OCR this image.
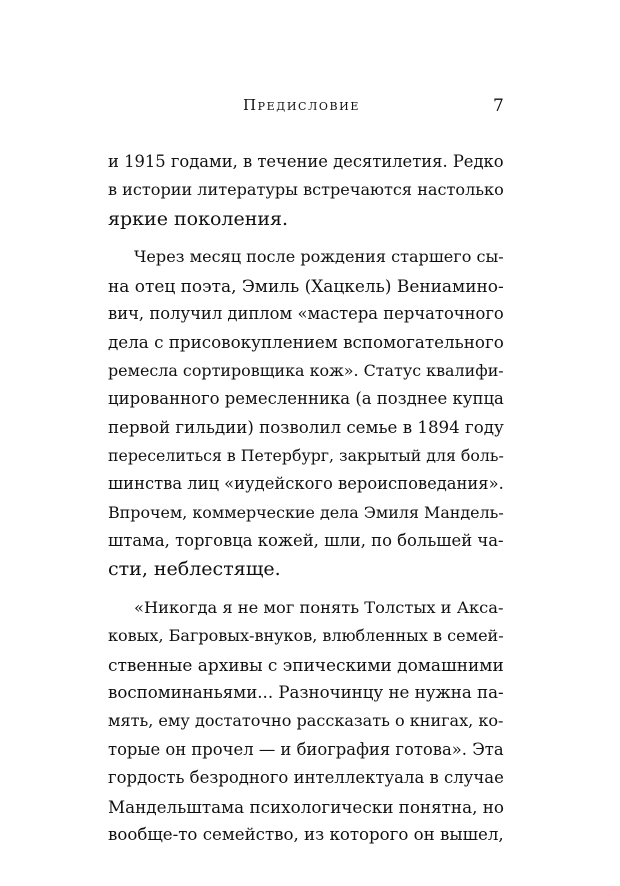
Предисловие	7
и 1915 годами, в течение десятилетия. Редко
в истории литературы встречаются настолько
яркие поколения.
Через месяц после рождения старшего сы-
на отец поэта, Эмиль (Хацкель) Вениамино-
вич, получил диплом «мастера перчаточного
дела с присовокуплением вспомогательного
ремесла сортировщика кож». Статус квалифи-
цированного ремесленника (а позднее купца
первой гильдии) позволил семье в 1894 году
переселиться в Петербург, закрытый для боль-
шинства лиц «иудейского вероисповедания».
Впрочем, коммерческие дела Эмиля Мандель-
штама, торговца кожей, шли, по большей ча-
сти, неблестяще.
«Никогда я не мог понять Толстых и Акса-
ковых, Багровых-внуков, влюбленных в семей-
ственные архивы с эпическими домашними
воспоминаньями... Разночинцу не нужна па-
мять, ему достаточно рассказать о книгах, ко-
торые он прочел — и биография готова». Эта
гордость безродного интеллектуала в случае
Мандельштама психологически понятна, но
вообще-то семейство, из которого он вышел,
